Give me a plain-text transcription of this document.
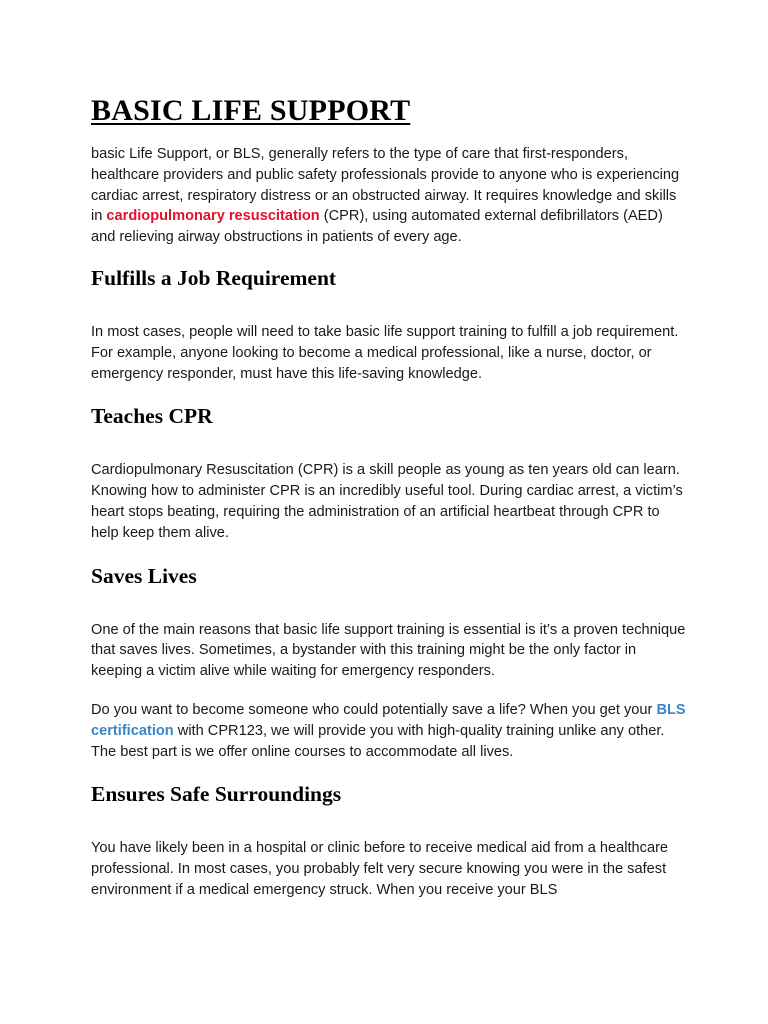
BASIC LIFE SUPPORT

basic Life Support, or BLS, generally refers to the type of care that first-responders, healthcare providers and public safety professionals provide to anyone who is experiencing cardiac arrest, respiratory distress or an obstructed airway. It requires knowledge and skills in cardiopulmonary resuscitation (CPR), using automated external defibrillators (AED) and relieving airway obstructions in patients of every age.

Fulfills a Job Requirement

In most cases, people will need to take basic life support training to fulfill a job requirement. For example, anyone looking to become a medical professional, like a nurse, doctor, or emergency responder, must have this life-saving knowledge.

Teaches CPR

Cardiopulmonary Resuscitation (CPR) is a skill people as young as ten years old can learn. Knowing how to administer CPR is an incredibly useful tool. During cardiac arrest, a victim’s heart stops beating, requiring the administration of an artificial heartbeat through CPR to help keep them alive.

Saves Lives

One of the main reasons that basic life support training is essential is it’s a proven technique that saves lives. Sometimes, a bystander with this training might be the only factor in keeping a victim alive while waiting for emergency responders.

Do you want to become someone who could potentially save a life? When you get your BLS certification with CPR123, we will provide you with high-quality training unlike any other. The best part is we offer online courses to accommodate all lives.

Ensures Safe Surroundings

You have likely been in a hospital or clinic before to receive medical aid from a healthcare professional. In most cases, you probably felt very secure knowing you were in the safest environment if a medical emergency struck. When you receive your BLS
